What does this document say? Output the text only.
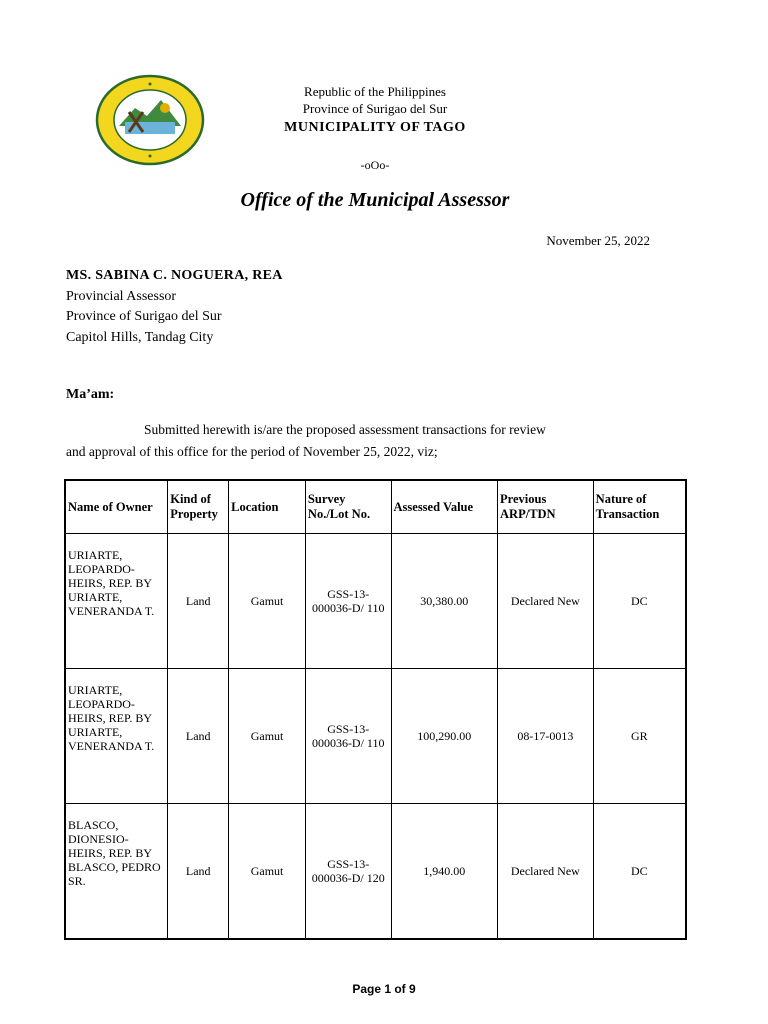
Republic of the Philippines
Province of Surigao del Sur
MUNICIPALITY OF TAGO
-oOo-
Office of the Municipal Assessor
November 25, 2022
MS. SABINA C. NOGUERA, REA
Provincial Assessor
Province of Surigao del Sur
Capitol Hills, Tandag City
Ma’am:
Submitted herewith is/are the proposed assessment transactions for review
and approval of this office for the period of November 25, 2022, viz;
Name of Owner	Kind of Property	Location	Survey No./Lot No.	Assessed Value	Previous ARP/TDN	Nature of Transaction
URIARTE, LEOPARDO-HEIRS, REP. BY URIARTE, VENERANDA T.	Land	Gamut	GSS-13-000036-D/ 110	30,380.00	Declared New	DC
URIARTE, LEOPARDO-HEIRS, REP. BY URIARTE, VENERANDA T.	Land	Gamut	GSS-13-000036-D/ 110	100,290.00	08-17-0013	GR
BLASCO, DIONESIO-HEIRS, REP. BY BLASCO, PEDRO SR.	Land	Gamut	GSS-13-000036-D/ 120	1,940.00	Declared New	DC
Page 1 of 9
